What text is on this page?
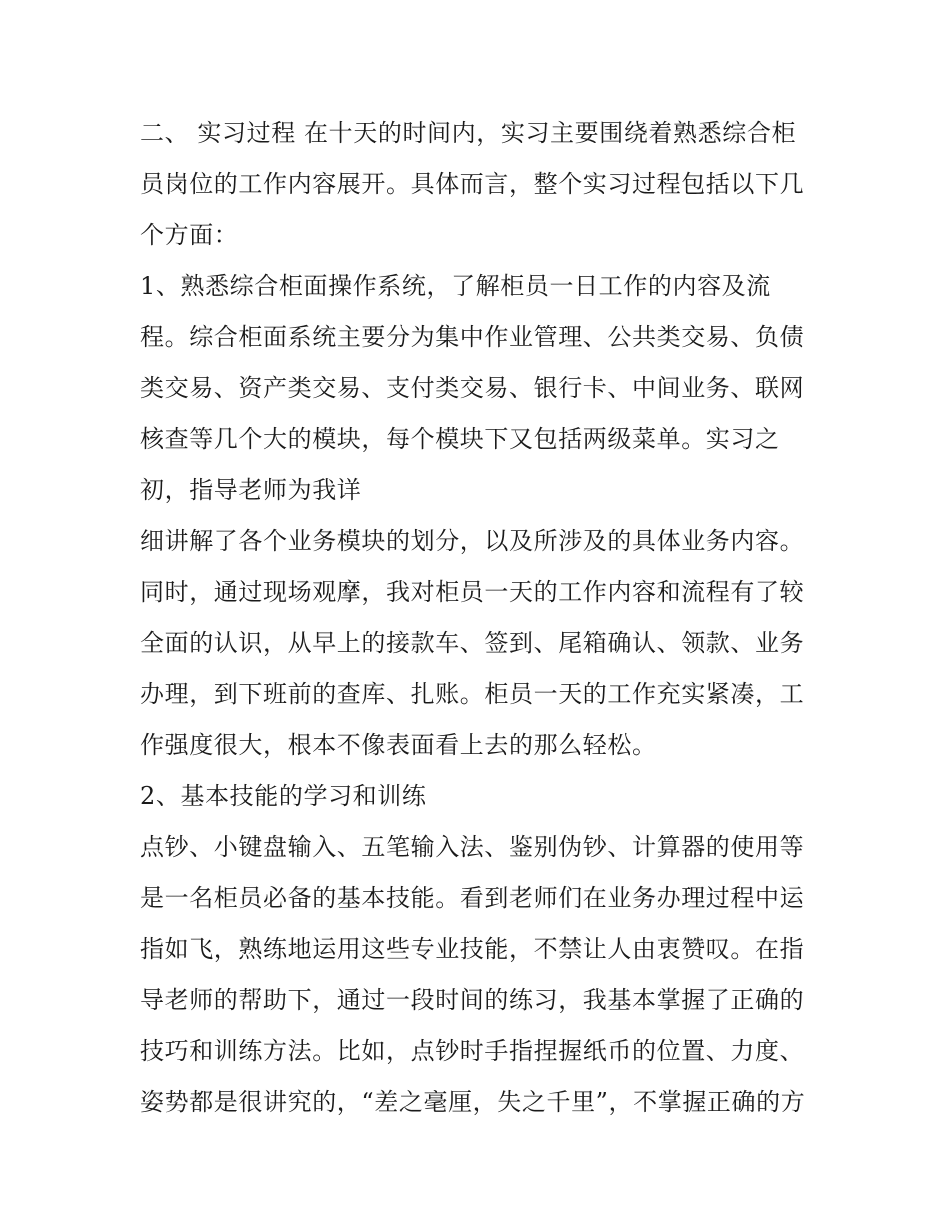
二、 实习过程 在十天的时间内，实习主要围绕着熟悉综合柜
员岗位的工作内容展开。具体而言，整个实习过程包括以下几
个方面：
1、熟悉综合柜面操作系统，了解柜员一日工作的内容及流
程。综合柜面系统主要分为集中作业管理、公共类交易、负债
类交易、资产类交易、支付类交易、银行卡、中间业务、联网
核查等几个大的模块，每个模块下又包括两级菜单。实习之
初，指导老师为我详
细讲解了各个业务模块的划分，以及所涉及的具体业务内容。
同时，通过现场观摩，我对柜员一天的工作内容和流程有了较
全面的认识，从早上的接款车、签到、尾箱确认、领款、业务
办理，到下班前的查库、扎账。柜员一天的工作充实紧凑，工
作强度很大，根本不像表面看上去的那么轻松。
2、基本技能的学习和训练
点钞、小键盘输入、五笔输入法、鉴别伪钞、计算器的使用等
是一名柜员必备的基本技能。看到老师们在业务办理过程中运
指如飞，熟练地运用这些专业技能，不禁让人由衷赞叹。在指
导老师的帮助下，通过一段时间的练习，我基本掌握了正确的
技巧和训练方法。比如，点钞时手指捏握纸币的位置、力度、
姿势都是很讲究的，“差之毫厘，失之千里”，不掌握正确的方
